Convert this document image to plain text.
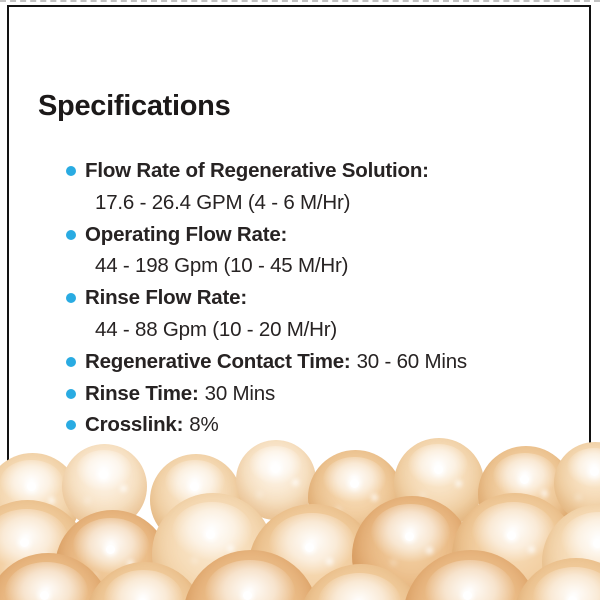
Specifications
Flow Rate of Regenerative Solution:
17.6 - 26.4 GPM (4 - 6 M/Hr)
Operating Flow Rate:
44 - 198 Gpm (10 - 45 M/Hr)
Rinse Flow Rate:
44 - 88 Gpm (10 - 20 M/Hr)
Regenerative Contact Time: 30 - 60 Mins
Rinse Time: 30 Mins
Crosslink: 8%
